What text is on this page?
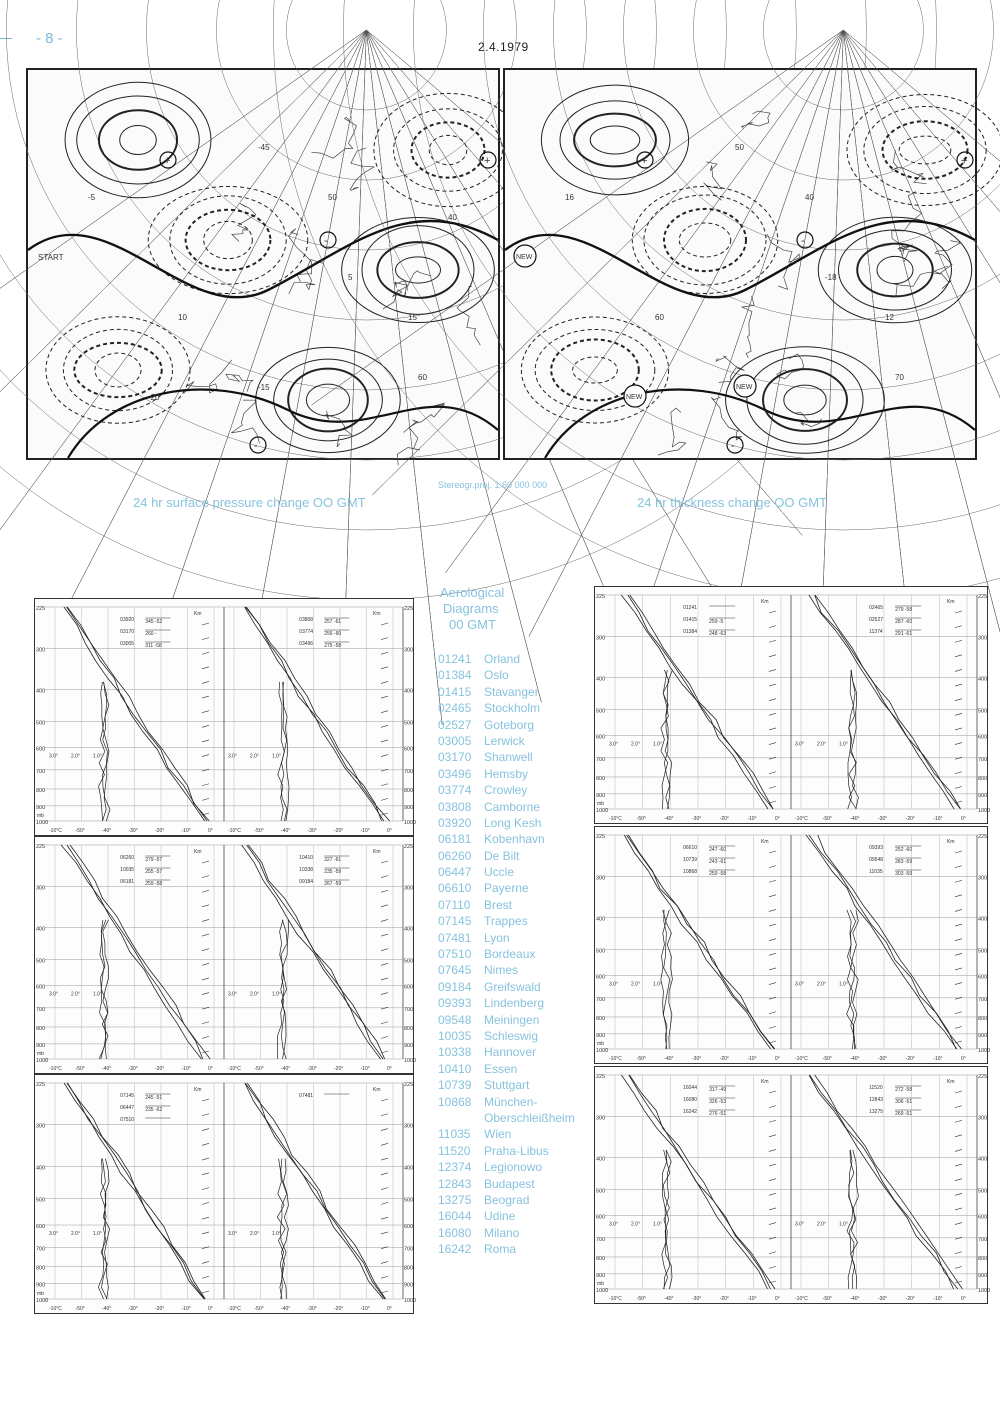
- 8 -	2.4.1979
START
-20
-15
-5
5
15
10
-45
50
60
40
-
+
-
+
NEW
NEW
NEW
16
-18
12
60
50
40
70
-
+
-
+
24 hr surface pressure change OO GMT
Stereogr.proj. 1:60 000 000
24 hr thickness change OO GMT
225	225
300	300
400	400
500	500
600	600
700	700
800	800
900	900
1000	1000
mb
-10°C	-50°	-40°	-30°	-20°	-10°	0°
3.0°	2.0°	1.0°
Km
03920 345 -52
03170 260 -
03005 311 -58
-10°C	-50°	-40°	-30°	-20°	-10°	0°
3.0°	2.0°	1.0°
Km
03808 257 -61
03774 256 -60
03496 275 -58
225	225
300	300
400	400
500	500
600	600
700	700
800	800
900	900
1000	1000
mb
-10°C	-50°	-40°	-30°	-20°	-10°	0°
3.0°	2.0°	1.0°
Km
06260 279 -57
10035 255 -57
06181 259 -58
-10°C	-50°	-40°	-30°	-20°	-10°	0°
3.0°	2.0°	1.0°
Km
10410 327 -61
10338 235 -59
09184 267 -59
225	225
300	300
400	400
500	500
600	600
700	700
800	800
900	900
1000	1000
mb
-10°C	-50°	-40°	-30°	-20°	-10°	0°
3.0°	2.0°	1.0°
Km
07145 245 -51
06447 235 -62
07510
-10°C	-50°	-40°	-30°	-20°	-10°	0°
3.0°	2.0°	1.0°
Km
07481
225	225
300	300
400	400
500	500
600	600
700	700
800	800
900	900
1000	1000
mb
-10°C	-50°	-40°	-30°	-20°	-10°	0°
3.0°	2.0°	1.0°
Km
01241
01415 259 -5
01384 248 -63
-10°C	-50°	-40°	-30°	-20°	-10°	0°
3.0°	2.0°	1.0°
Km
02465 279 -58
02527 287 -60
11374 291 -61
225	225
300	300
400	400
500	500
600	600
700	700
800	800
900	900
1000	1000
mb
-10°C	-50°	-40°	-30°	-20°	-10°	0°
3.0°	2.0°	1.0°
Km
06610 247 -60
10739 243 -61
10868 259 -58
-10°C	-50°	-40°	-30°	-20°	-10°	0°
3.0°	2.0°	1.0°
Km
09393 252 -60
09548 283 -59
11035 303 -59
225	225
300	300
400	400
500	500
600	600
700	700
800	800
900	900
1000	1000
mb
-10°C	-50°	-40°	-30°	-20°	-10°	0°
3.0°	2.0°	1.0°
Km
16044 317 -49
16080 326 -53
16242 276 -51
-10°C	-50°	-40°	-30°	-20°	-10°	0°
3.0°	2.0°	1.0°
Km
11520 272 -58
12843 306 -51
13275 269 -51
Aerological
Diagrams
00 GMT
01241	Orland
01384	Oslo
01415	Stavanger
02465	Stockholm
02527	Goteborg
03005	Lerwick
03170	Shanwell
03496	Hemsby
03774	Crowley
03808	Camborne
03920	Long Kesh
06181	Kobenhavn
06260	De Bilt
06447	Uccle
06610	Payerne
07110	Brest
07145	Trappes
07481	Lyon
07510	Bordeaux
07645	Nimes
09184	Greifswald
09393	Lindenberg
09548	Meiningen
10035	Schleswig
10338	Hannover
10410	Essen
10739	Stuttgart
10868	München-
Oberschleißheim
11035	Wien
11520	Praha-Libus
12374	Legionowo
12843	Budapest
13275	Beograd
16044	Udine
16080	Milano
16242	Roma
